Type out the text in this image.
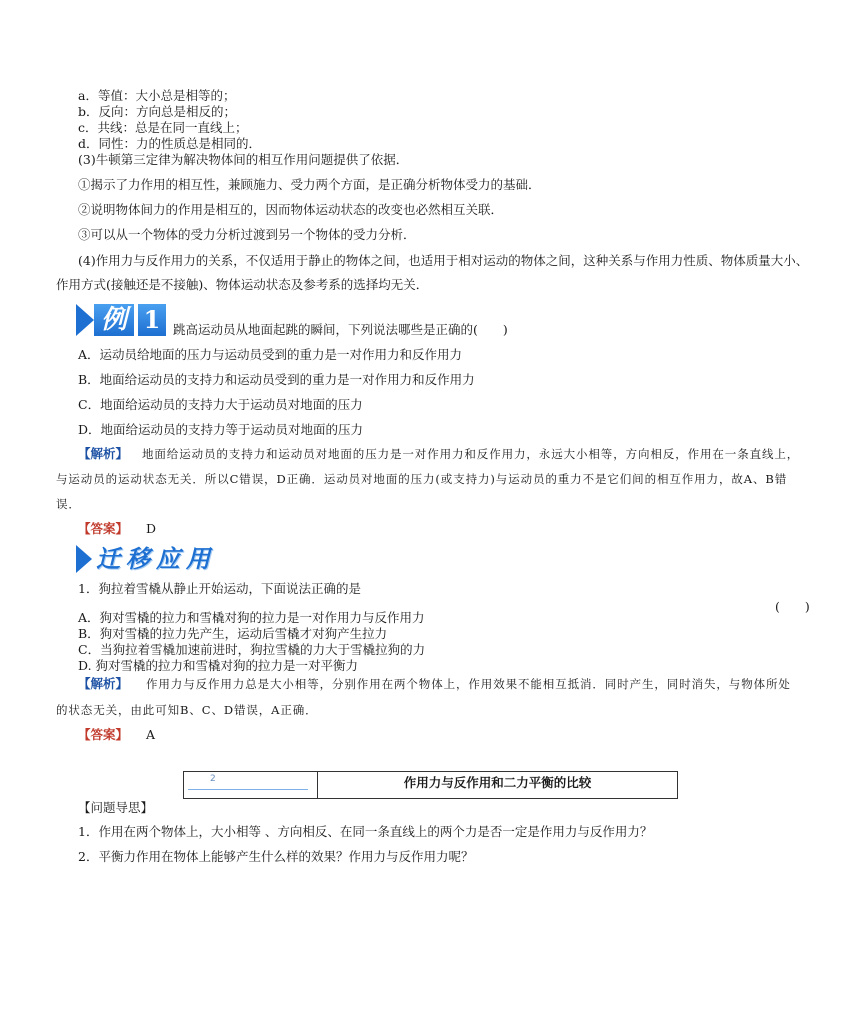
a．等值：大小总是相等的；
b．反向：方向总是相反的；
c．共线：总是在同一直线上；
d．同性：力的性质总是相同的．
(3)牛顿第三定律为解决物体间的相互作用问题提供了依据．
①揭示了力作用的相互性，兼顾施力、受力两个方面，是正确分析物体受力的基础．
②说明物体间力的作用是相互的，因而物体运动状态的改变也必然相互关联．
③可以从一个物体的受力分析过渡到另一个物体的受力分析．
(4)作用力与反作用力的关系，不仅适用于静止的物体之间，也适用于相对运动的物体之间，这种关系与作用力性质、物体质量大小、
作用方式(接触还是不接触)、物体运动状态及参考系的选择均无关．
例 1	跳高运动员从地面起跳的瞬间，下列说法哪些是正确的(　　)
A．运动员给地面的压力与运动员受到的重力是一对作用力和反作用力
B．地面给运动员的支持力和运动员受到的重力是一对作用力和反作用力
C．地面给运动员的支持力大于运动员对地面的压力
D．地面给运动员的支持力等于运动员对地面的压力
【解析】 地面给运动员的支持力和运动员对地面的压力是一对作用力和反作用力，永远大小相等，方向相反，作用在一条直线上，
与运动员的运动状态无关．所以C错误，D正确．运动员对地面的压力(或支持力)与运动员的重力不是它们间的相互作用力，故A、B错
误．
【答案】 D
迁移应用
1．狗拉着雪橇从静止开始运动，下面说法正确的是
(　　)
A．狗对雪橇的拉力和雪橇对狗的拉力是一对作用力与反作用力
B．狗对雪橇的拉力先产生，运动后雪橇才对狗产生拉力
C．当狗拉着雪橇加速前进时，狗拉雪橇的力大于雪橇拉狗的力
D. 狗对雪橇的拉力和雪橇对狗的拉力是一对平衡力
【解析】 作用力与反作用力总是大小相等，分别作用在两个物体上，作用效果不能相互抵消．同时产生，同时消失，与物体所处
的状态无关，由此可知B、C、D错误，A正确．
【答案】 A
2	作用力与反作用和二力平衡的比较
【问题导思】
1．作用在两个物体上，大小相等 、方向相反、在同一条直线上的两个力是否一定是作用力与反作用力？
2．平衡力作用在物体上能够产生什么样的效果？作用力与反作用力呢？
